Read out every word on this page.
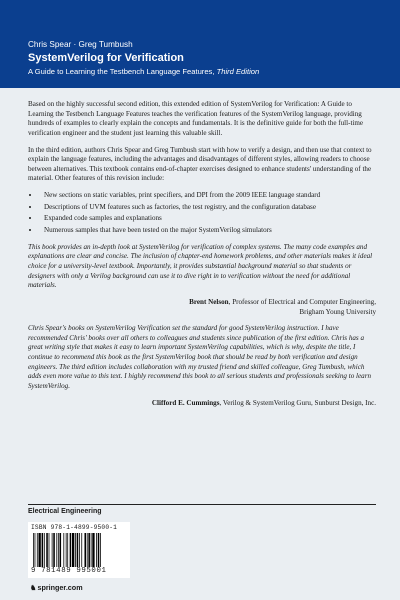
Chris Spear · Greg Tumbush

SystemVerilog for Verification

A Guide to Learning the Testbench Language Features, Third Edition

Based on the highly successful second edition, this extended edition of SystemVerilog for Verification: A Guide to Learning the Testbench Language Features teaches the verification features of the SystemVerilog language, providing hundreds of examples to clearly explain the concepts and fundamentals. It is the definitive guide for both the full-time verification engineer and the student just learning this valuable skill.

In the third edition, authors Chris Spear and Greg Tumbush start with how to verify a design, and then use that context to explain the language features, including the advantages and disadvantages of different styles, allowing readers to choose between alternatives. This textbook contains end-of-chapter exercises designed to enhance students' understanding of the material. Other features of this revision include:

• New sections on static variables, print specifiers, and DPI from the 2009 IEEE language standard
• Descriptions of UVM features such as factories, the test registry, and the configuration database
• Expanded code samples and explanations
• Numerous samples that have been tested on the major SystemVerilog simulators

This book provides an in-depth look at SystemVerilog for verification of complex systems. The many code examples and explanations are clear and concise. The inclusion of chapter-end homework problems, and other materials makes it ideal choice for a university-level textbook. Importantly, it provides substantial background material so that students or designers with only a Verilog background can use it to dive right in to verification without the need for additional materials.

Brent Nelson, Professor of Electrical and Computer Engineering,
Brigham Young University

Chris Spear's books on SystemVerilog Verification set the standard for good SystemVerilog instruction. I have recommended Chris' books over all others to colleagues and students since publication of the first edition. Chris has a great writing style that makes it easy to learn important SystemVerilog capabilities, which is why, despite the title, I continue to recommend this book as the first SystemVerilog book that should be read by both verification and design engineers. The third edition includes collaboration with my trusted friend and skilled colleague, Greg Tumbush, which adds even more value to this text. I highly recommend this book to all serious students and professionals seeking to learn SystemVerilog.

Clifford E. Cummings, Verilog & SystemVerilog Guru, Sunburst Design, Inc.

Electrical Engineering
ISBN 978-1-4899-9500-1
9 781489 995001
♞springer.com
